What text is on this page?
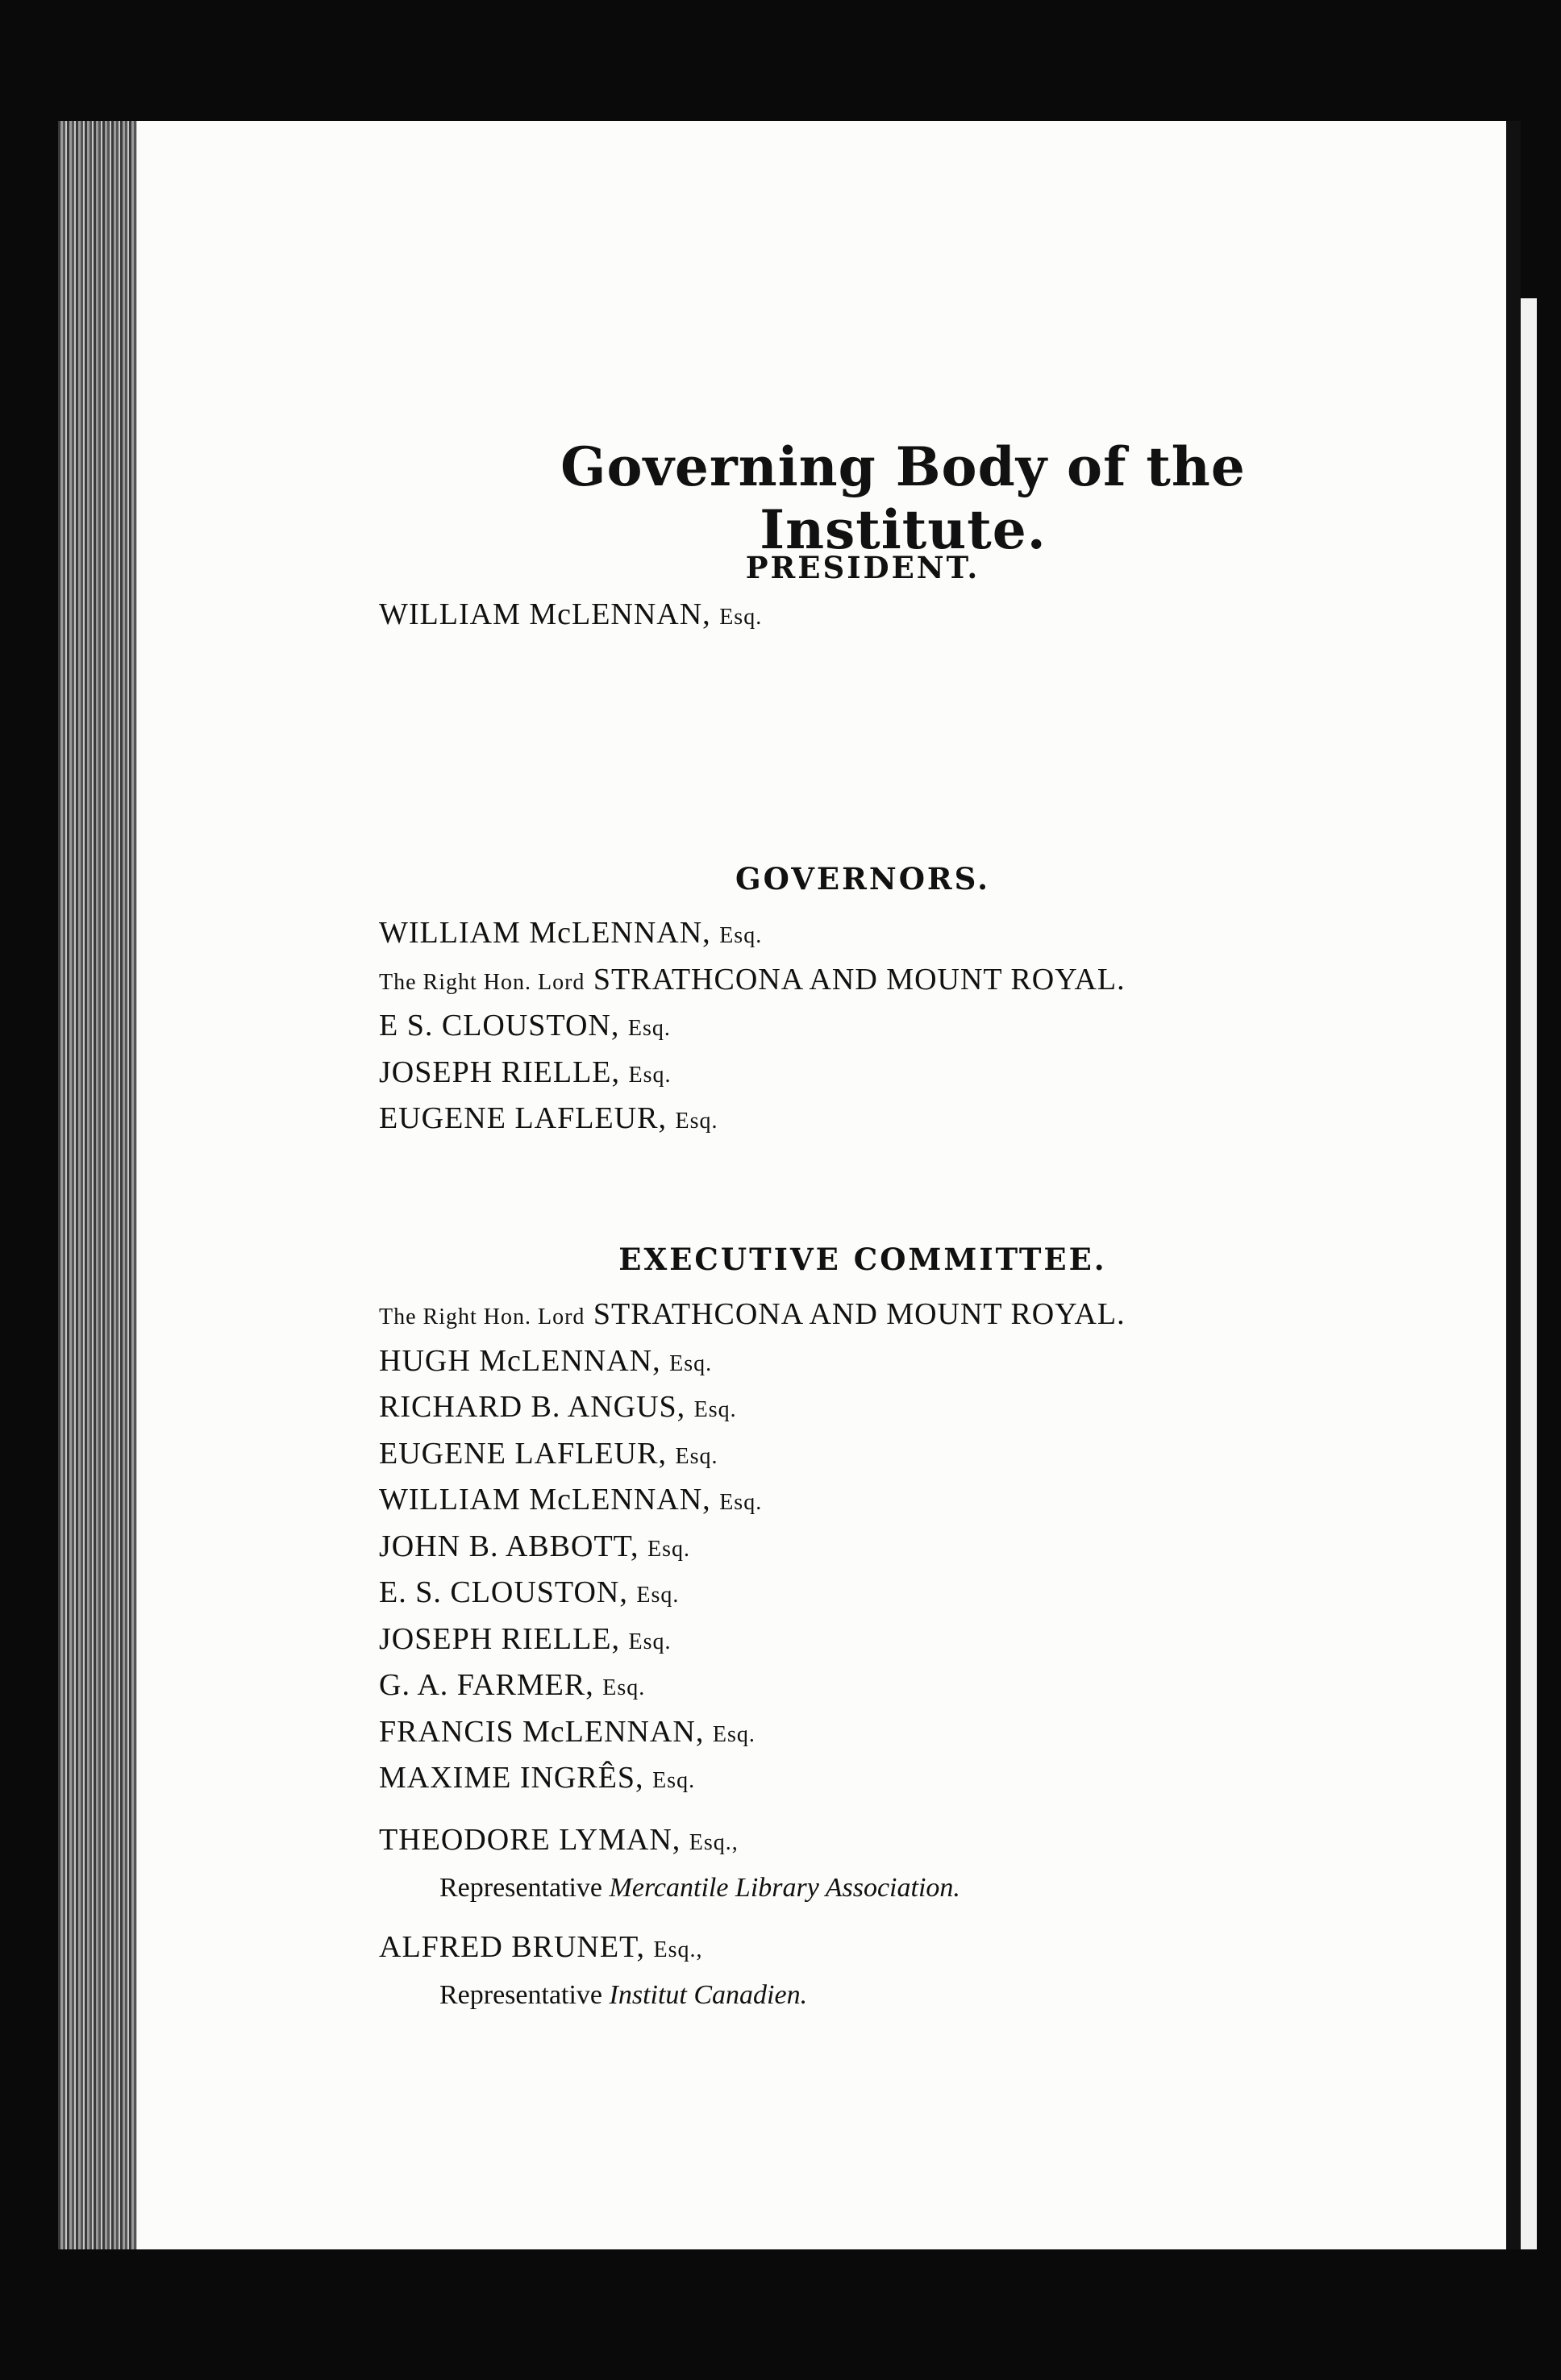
Governing Body of the Institute.
PRESIDENT.
WILLIAM McLENNAN, Esq.
GOVERNORS.
WILLIAM McLENNAN, Esq.
The Right Hon. Lord STRATHCONA AND MOUNT ROYAL.
E S. CLOUSTON, Esq.
JOSEPH RIELLE, Esq.
EUGENE LAFLEUR, Esq.
EXECUTIVE COMMITTEE.
The Right Hon. Lord STRATHCONA AND MOUNT ROYAL.
HUGH McLENNAN, Esq.
RICHARD B. ANGUS, Esq.
EUGENE LAFLEUR, Esq.
WILLIAM McLENNAN, Esq.
JOHN B. ABBOTT, Esq.
E. S. CLOUSTON, Esq.
JOSEPH RIELLE, Esq.
G. A. FARMER, Esq.
FRANCIS McLENNAN, Esq.
MAXIME INGRÊS, Esq.
THEODORE LYMAN, Esq.,
Representative Mercantile Library Association.
ALFRED BRUNET, Esq.,
Representative Institut Canadien.
